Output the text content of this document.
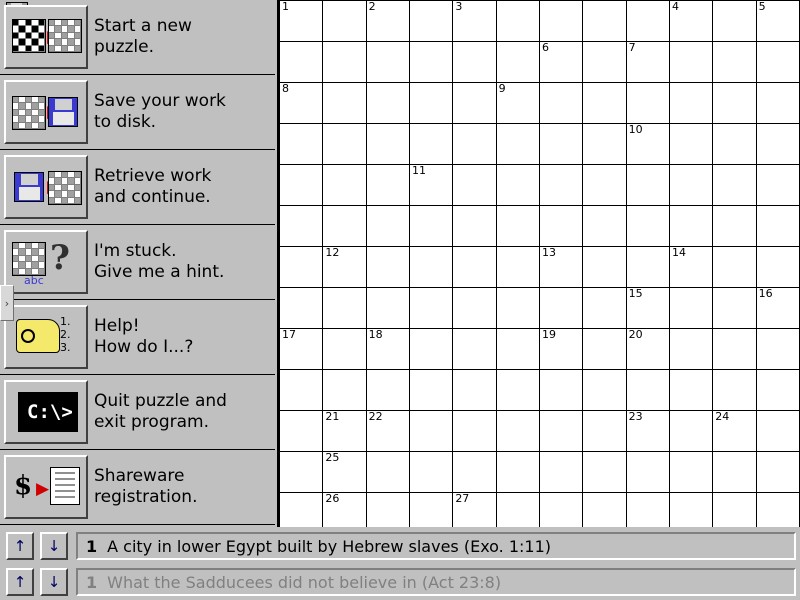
Start a new
puzzle.
Save your work
to disk.
Retrieve work
and continue.
?
abc
I'm stuck.
Give me a hint.
1.
2.
3.
Help!
How do I...?
C:\> Quit puzzle and
exit program.
$ ▶
Shareware
registration.
›
1		2		3					4		5

						6		7			

8					9						

								10			

			11								

	12					13			14		

								15			16

17		18				19		20			

	21	22						23		24	

	25										

	26			27							

↑	↓	1 A city in lower Egypt built by Hebrew slaves (Exo. 1:11)
↑	↓	1 What the Sadducees did not believe in (Act 23:8)
